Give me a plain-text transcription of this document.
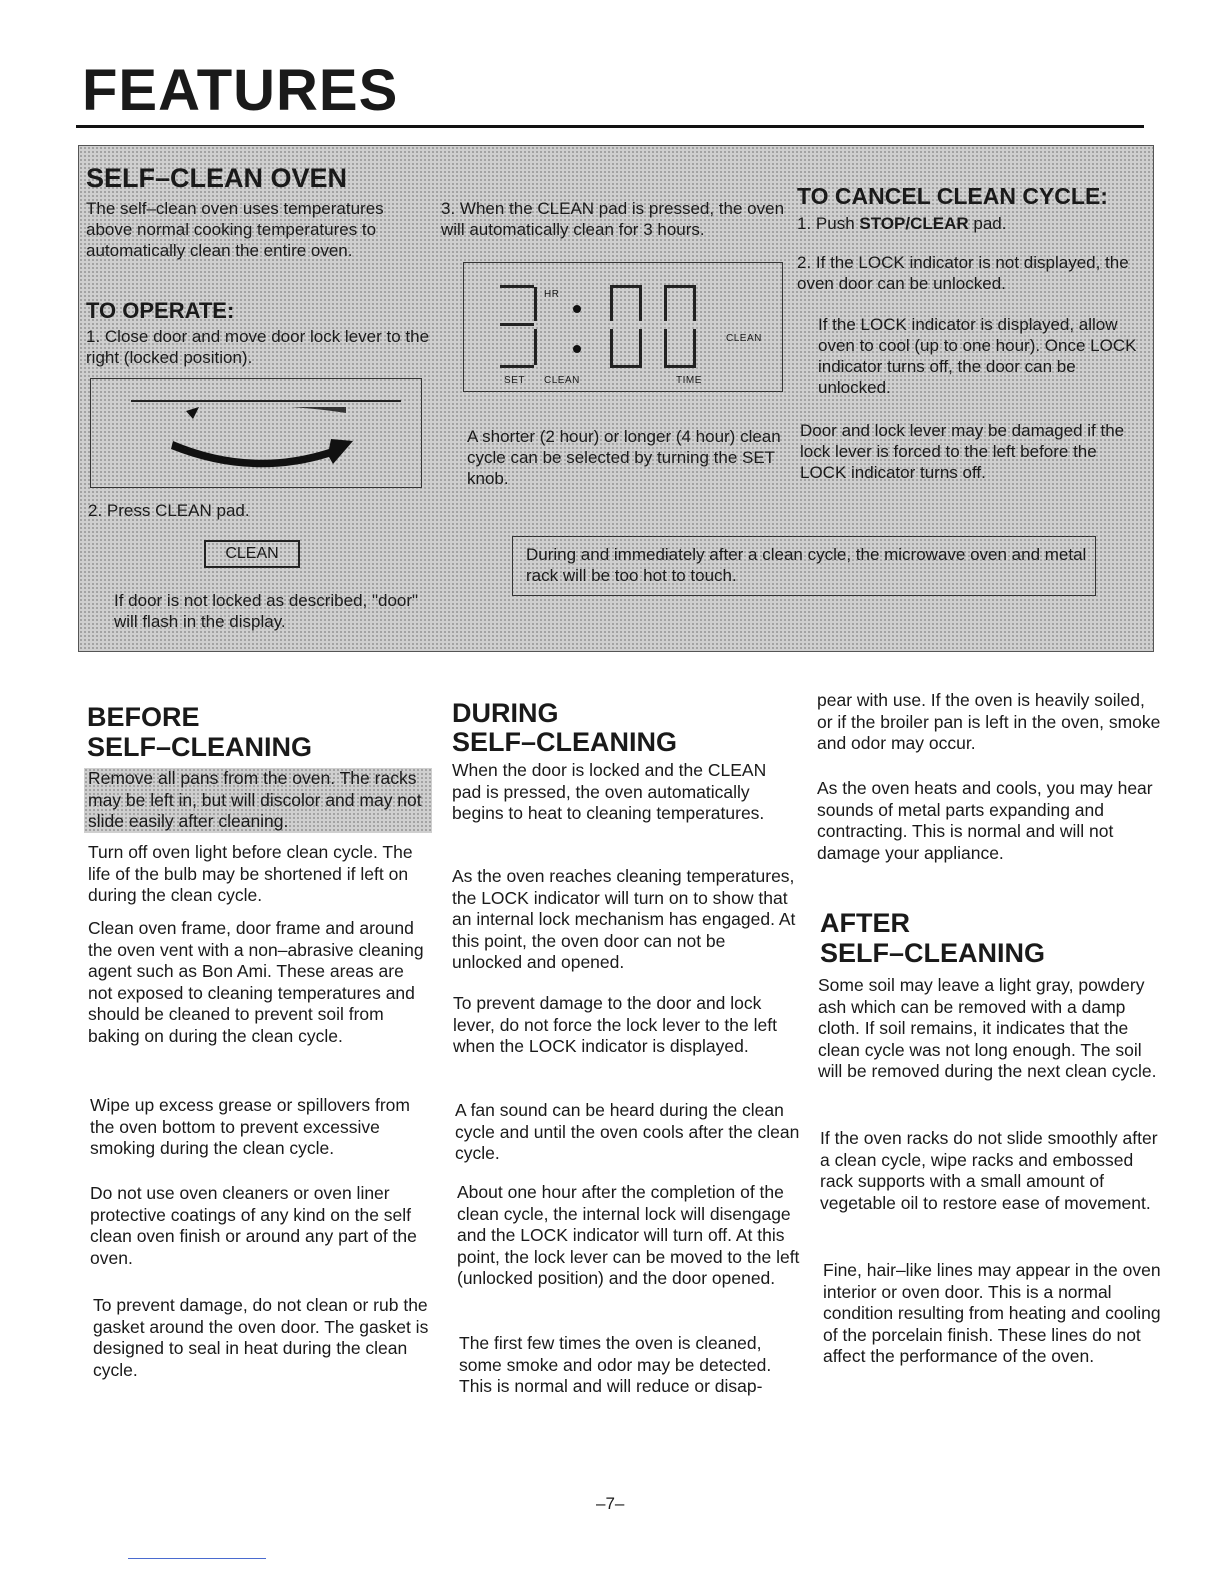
FEATURES
SELF–CLEAN OVEN

The self–clean oven uses temperatures above normal cooking temperatures to automatically clean the entire oven.

TO OPERATE:

1. Close door and move door lock lever to the right (locked position).

2. Press CLEAN pad.

CLEAN

If door is not locked as described, "door" will flash in the display.

3. When the CLEAN pad is pressed, the oven will automatically clean for 3 hours.

HR
CLEAN
SET CLEAN	TIME

A shorter (2 hour) or longer (4 hour) clean cycle can be selected by turning the SET knob.

TO CANCEL CLEAN CYCLE:

1. Push STOP/CLEAR pad.

2. If the LOCK indicator is not displayed, the oven door can be unlocked.

If the LOCK indicator is displayed, allow oven to cool (up to one hour). Once LOCK indicator turns off, the door can be unlocked.

Door and lock lever may be damaged if the lock lever is forced to the left before the LOCK indicator turns off.

During and immediately after a clean cycle, the microwave oven and metal rack will be too hot to touch.

BEFORE
SELF–CLEANING

Remove all pans from the oven. The racks may be left in, but will discolor and may not slide easily after cleaning.

Turn off oven light before clean cycle. The life of the bulb may be shortened if left on during the clean cycle.

Clean oven frame, door frame and around the oven vent with a non–abrasive cleaning agent such as Bon Ami. These areas are not exposed to cleaning temperatures and should be cleaned to prevent soil from baking on during the clean cycle.

Wipe up excess grease or spillovers from the oven bottom to prevent excessive smoking during the clean cycle.

Do not use oven cleaners or oven liner protective coatings of any kind on the self clean oven finish or around any part of the oven.

To prevent damage, do not clean or rub the gasket around the oven door. The gasket is designed to seal in heat during the clean cycle.

DURING
SELF–CLEANING

When the door is locked and the CLEAN pad is pressed, the oven automatically begins to heat to cleaning temperatures.

As the oven reaches cleaning temperatures, the LOCK indicator will turn on to show that an internal lock mechanism has engaged. At this point, the oven door can not be unlocked and opened.

To prevent damage to the door and lock lever, do not force the lock lever to the left when the LOCK indicator is displayed.

A fan sound can be heard during the clean cycle and until the oven cools after the clean cycle.

About one hour after the completion of the clean cycle, the internal lock will disengage and the LOCK indicator will turn off. At this point, the lock lever can be moved to the left (unlocked position) and the door opened.

The first few times the oven is cleaned, some smoke and odor may be detected. This is normal and will reduce or disap-

pear with use. If the oven is heavily soiled, or if the broiler pan is left in the oven, smoke and odor may occur.

As the oven heats and cools, you may hear sounds of metal parts expanding and contracting. This is normal and will not damage your appliance.

AFTER
SELF–CLEANING

Some soil may leave a light gray, powdery ash which can be removed with a damp cloth. If soil remains, it indicates that the clean cycle was not long enough. The soil will be removed during the next clean cycle.

If the oven racks do not slide smoothly after a clean cycle, wipe racks and embossed rack supports with a small amount of vegetable oil to restore ease of movement.

Fine, hair–like lines may appear in the oven interior or oven door. This is a normal condition resulting from heating and cooling of the porcelain finish. These lines do not affect the performance of the oven.

–7–
